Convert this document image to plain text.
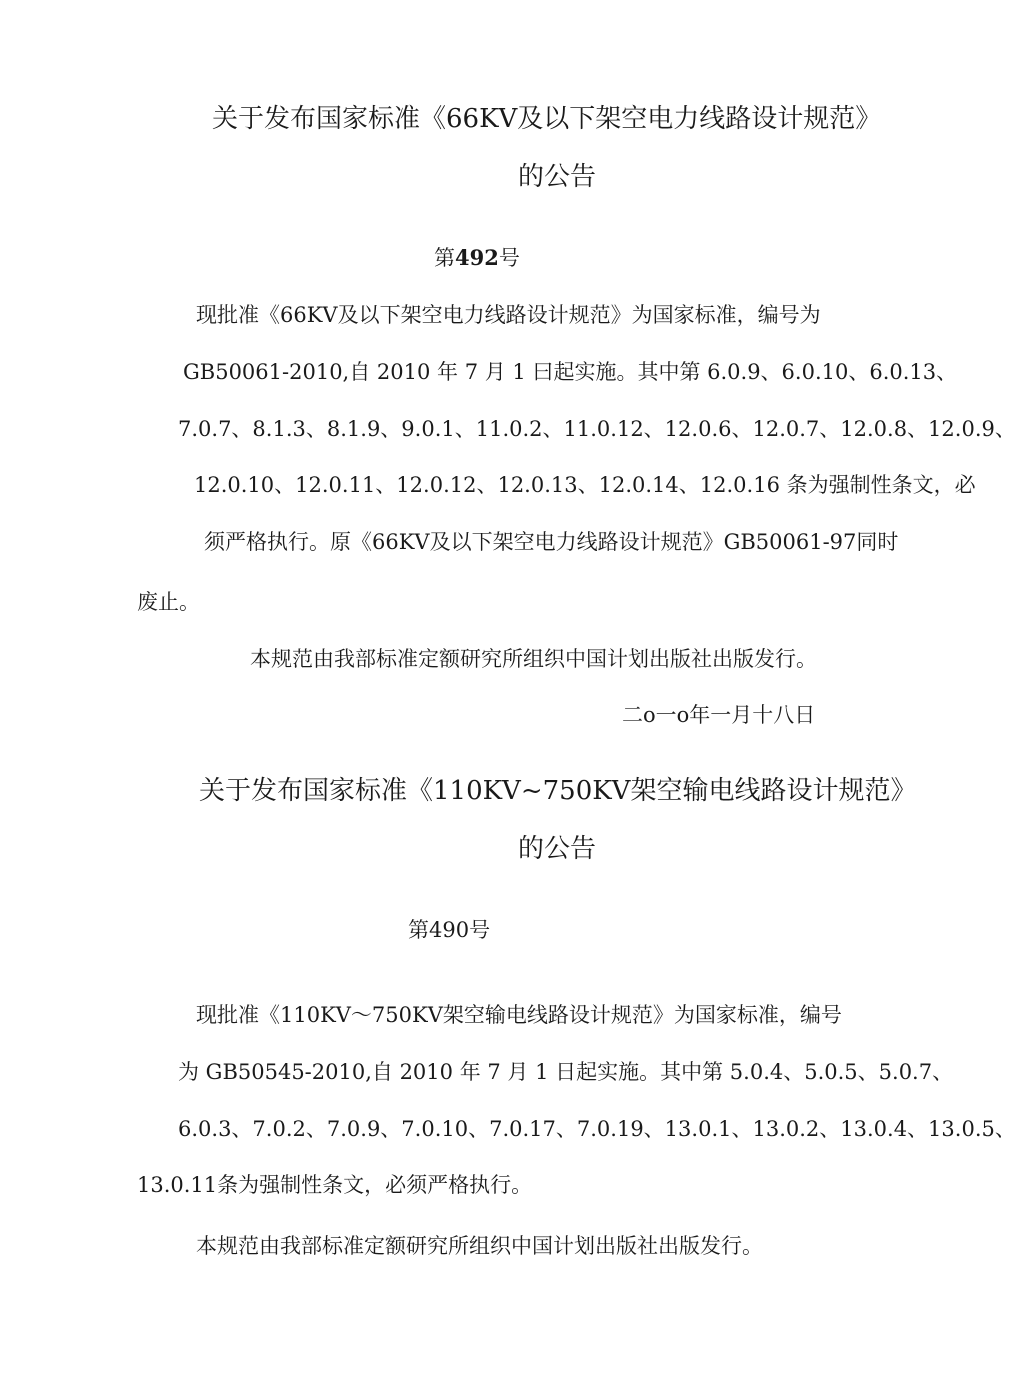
关于发布国家标准《66KV及以下架空电力线路设计规范》
的公告
第492号
现批准《66KV及以下架空电力线路设计规范》为国家标准，编号为
GB50061-2010,自 2010 年 7 月 1 曰起实施。其中第 6.0.9、6.0.10、6.0.13、
7.0.7、8.1.3、8.1.9、9.0.1、11.0.2、11.0.12、12.0.6、12.0.7、12.0.8、12.0.9、
12.0.10、12.0.11、12.0.12、12.0.13、12.0.14、12.0.16 条为强制性条文，必
须严格执行。原《66KV及以下架空电力线路设计规范》GB50061-97同时
废止。
本规范由我部标准定额研究所组织中国计划出版社出版发行。
二o一o年一月十八日
关于发布国家标准《110KV~750KV架空输电线路设计规范》
的公告
第490号
现批准《110KV～750KV架空输电线路设计规范》为国家标准，编号
为 GB50545-2010,自 2010 年 7 月 1 日起实施。其中第 5.0.4、5.0.5、5.0.7、
6.0.3、7.0.2、7.0.9、7.0.10、7.0.17、7.0.19、13.0.1、13.0.2、13.0.4、13.0.5、
13.0.11条为强制性条文，必须严格执行。
本规范由我部标准定额研究所组织中国计划出版社出版发行。
